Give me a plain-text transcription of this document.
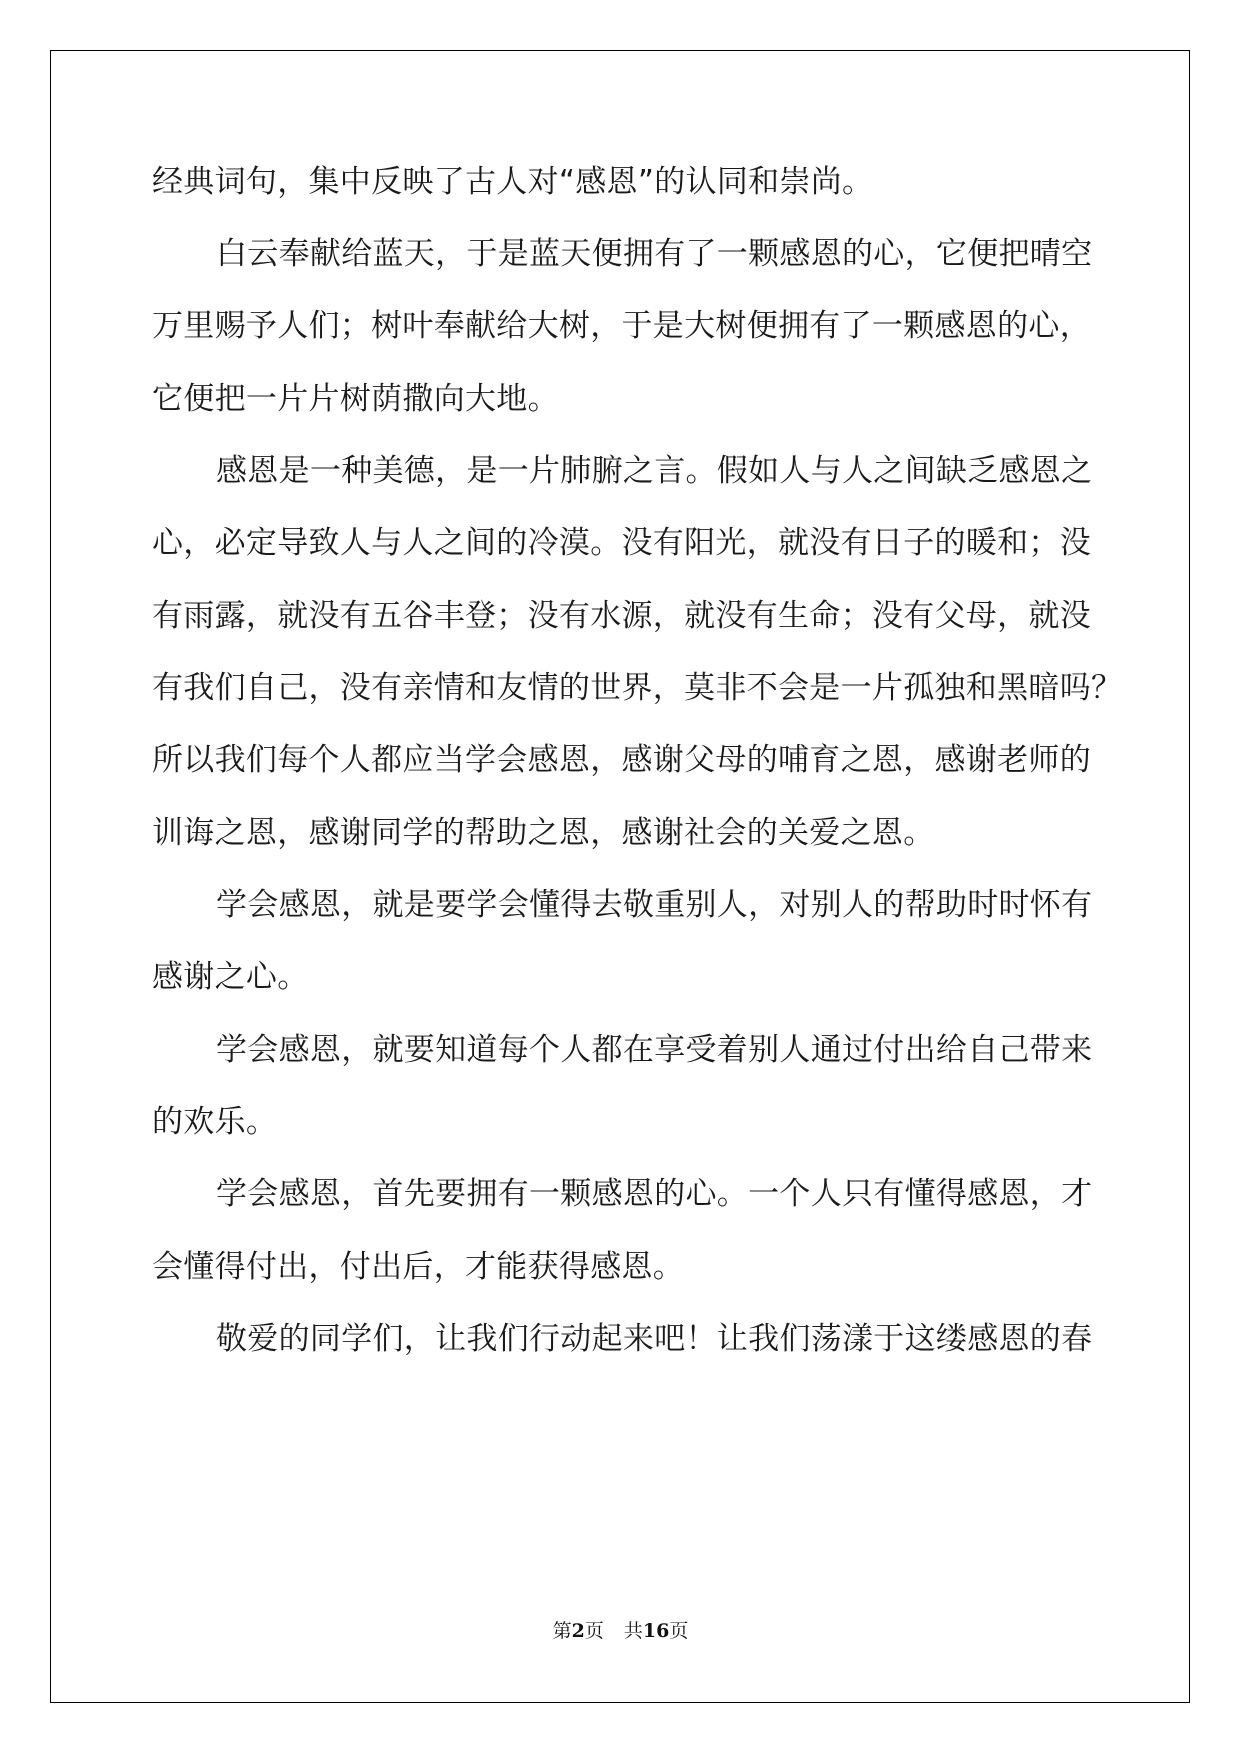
经典词句，集中反映了古人对“感恩”的认同和崇尚。
白云奉献给蓝天，于是蓝天便拥有了一颗感恩的心，它便把晴空
万里赐予人们；树叶奉献给大树，于是大树便拥有了一颗感恩的心，
它便把一片片树荫撒向大地。
感恩是一种美德，是一片肺腑之言。假如人与人之间缺乏感恩之
心，必定导致人与人之间的冷漠。没有阳光，就没有日子的暖和；没
有雨露，就没有五谷丰登；没有水源，就没有生命；没有父母，就没
有我们自己，没有亲情和友情的世界，莫非不会是一片孤独和黑暗吗？
所以我们每个人都应当学会感恩，感谢父母的哺育之恩，感谢老师的
训诲之恩，感谢同学的帮助之恩，感谢社会的关爱之恩。
学会感恩，就是要学会懂得去敬重别人，对别人的帮助时时怀有
感谢之心。
学会感恩，就要知道每个人都在享受着别人通过付出给自己带来
的欢乐。
学会感恩，首先要拥有一颗感恩的心。一个人只有懂得感恩，才
会懂得付出，付出后，才能获得感恩。
敬爱的同学们，让我们行动起来吧！让我们荡漾于这缕感恩的春
第2页 共16页
